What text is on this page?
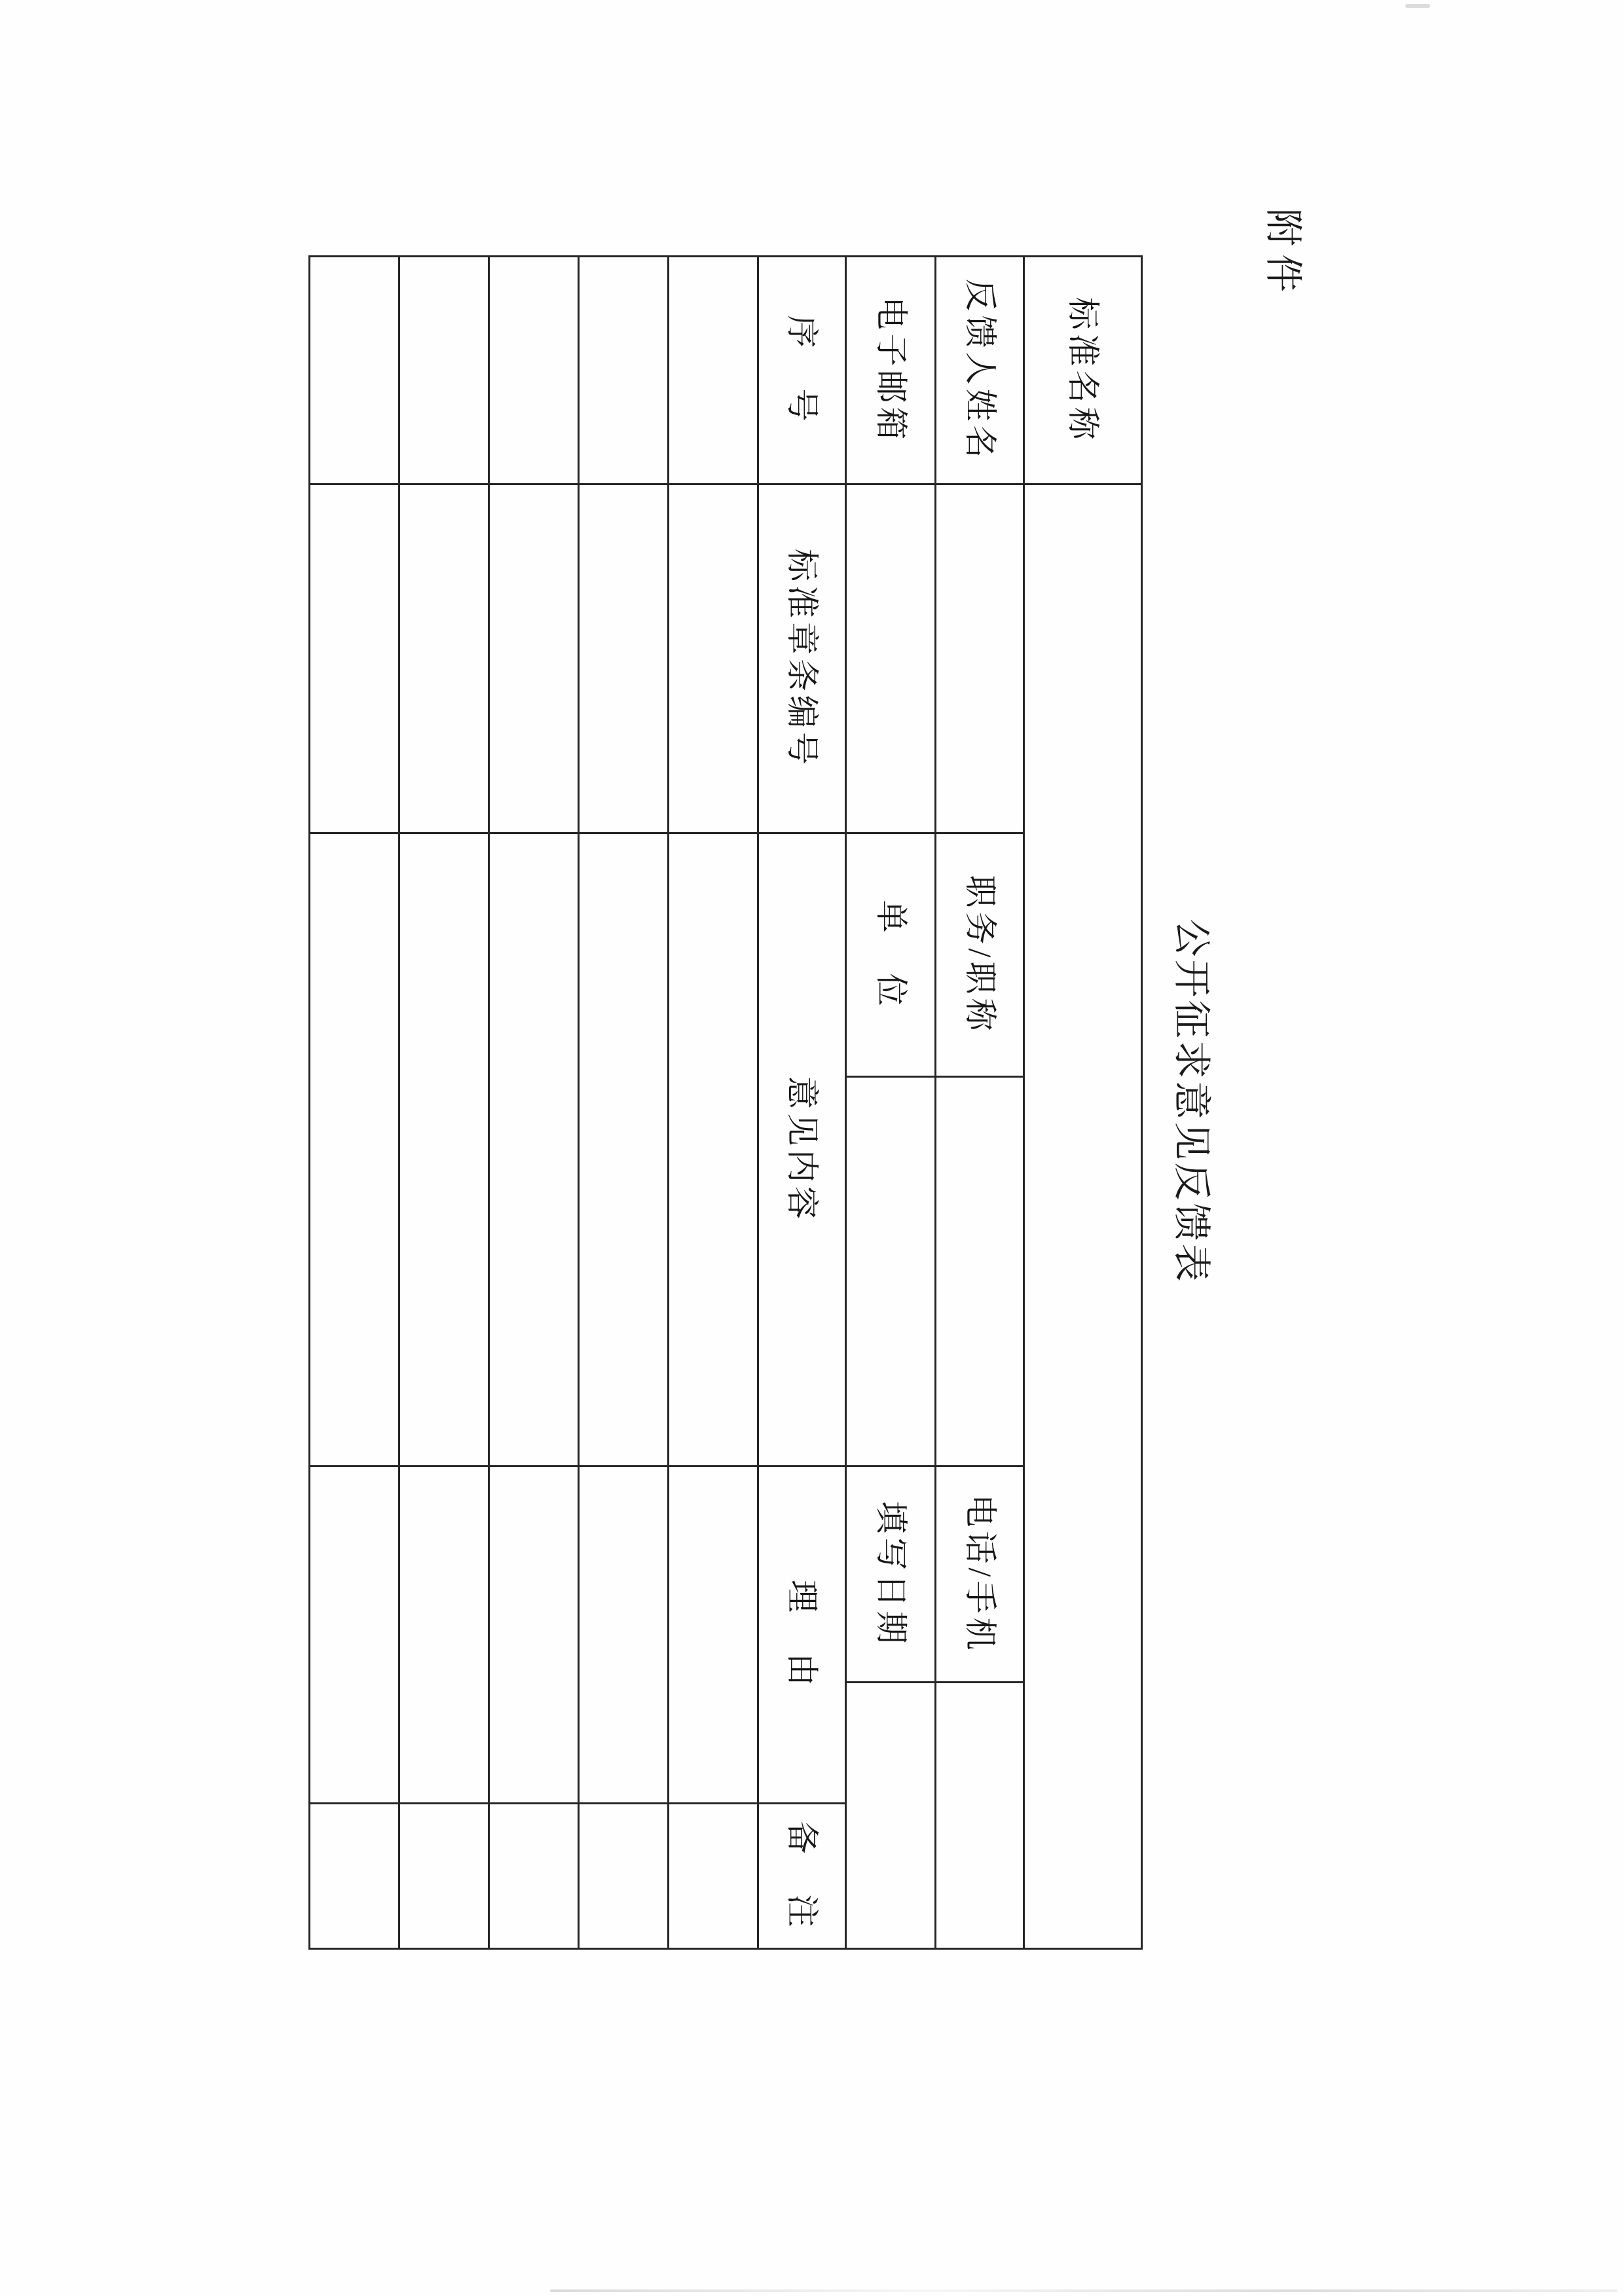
附件
公开征求意见反馈表
标准名称						
反馈人姓名		职务/职称		电话/手机		
电子邮箱		单　位		填写日期		
序　号	标准章条编号	意见内容		理　由		备　注
